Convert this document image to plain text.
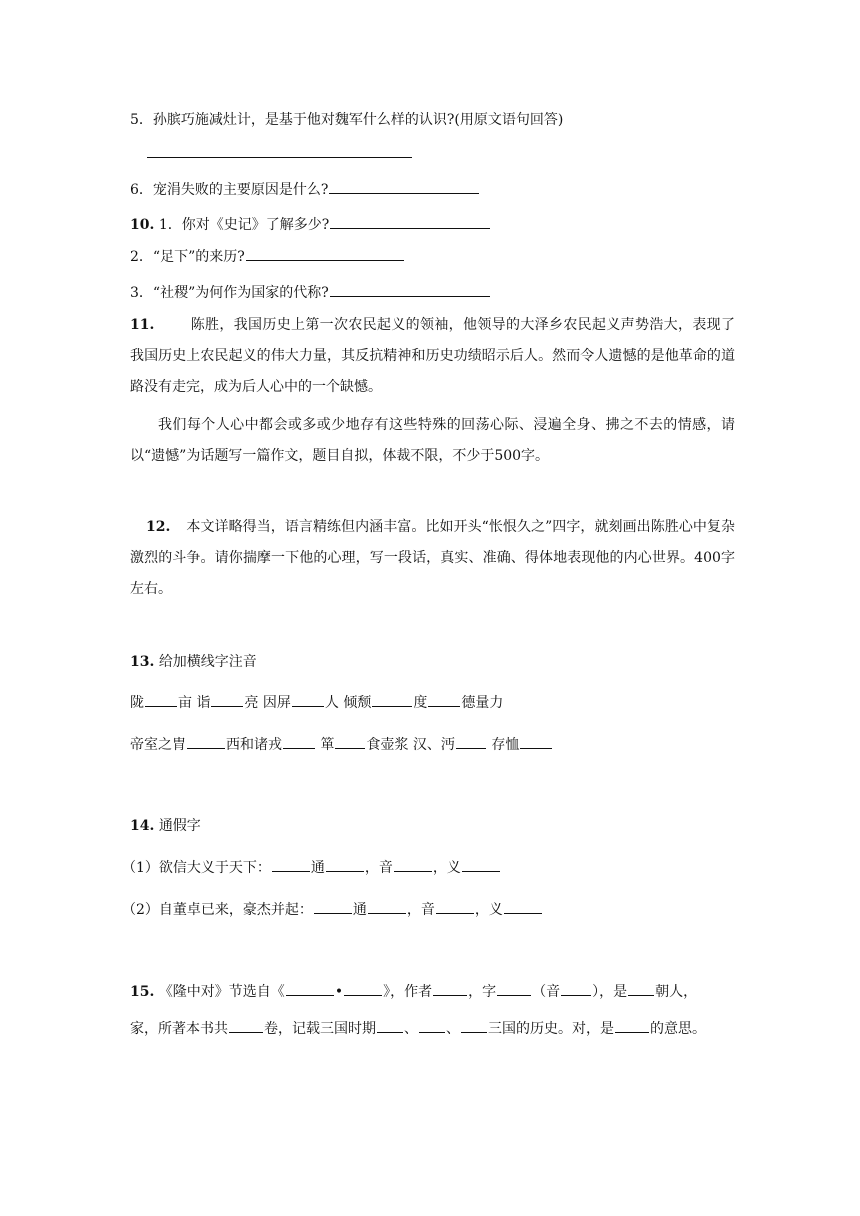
5．孙膑巧施减灶计，是基于他对魏军什么样的认识?(用原文语句回答)
6．宠涓失败的主要原因是什么?
10. 1．你对《史记》了解多少?
2．“足下”的来历?
3．“社稷”为何作为国家的代称?
11.	陈胜，我国历史上第一次农民起义的领袖，他领导的大泽乡农民起义声势浩大，表现了我国历史上农民起义的伟大力量，其反抗精神和历史功绩昭示后人。然而令人遗憾的是他革命的道路没有走完，成为后人心中的一个缺憾。
我们每个人心中都会或多或少地存有这些特殊的回荡心际、浸遍全身、拂之不去的情感，请以“遗憾”为话题写一篇作文，题目自拟，体裁不限，不少于500字。
12. 本文详略得当，语言精练但内涵丰富。比如开头“怅恨久之”四字，就刻画出陈胜心中复杂激烈的斗争。请你揣摩一下他的心理，写一段话，真实、准确、得体地表现他的内心世界。400字左右。
13. 给加横线字注音
陇 亩 诣 亮 因屏 人 倾颓	度 德量力
帝室之胄	西和诸戎 箪 食壶浆 汉、沔 存恤
14. 通假字
（1）欲信大义于天下：	通	，音	，义
（2）自董卓已来，豪杰并起：	通	，音	，义
15. 《隆中对》节选自《	•	》，作者	，字	（音 ），是 朝人，
家，所著本书共	卷，记载三国时期 、 、 三国的历史。对，是	的意思。
